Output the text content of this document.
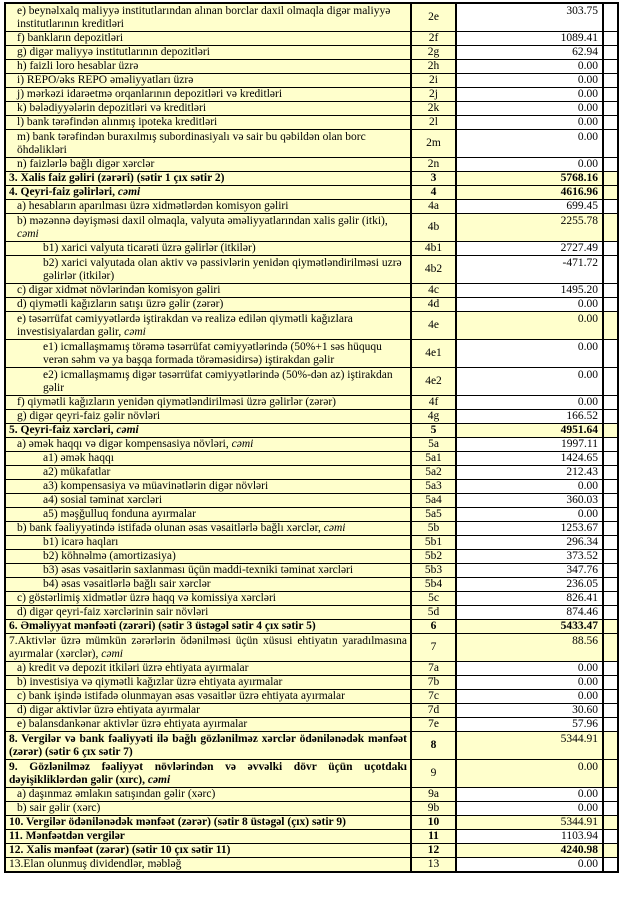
e) beynəlxalq maliyyə institutlarından alınan borclar daxil olmaqla digər maliyyə institutlarının kreditləri	2e	303.75	
f) bankların depozitləri	2f	1089.41	
g) digər maliyyə institutlarının depozitləri	2g	62.94	
h) faizli loro hesablar üzrə	2h	0.00	
i) REPO/əks REPO əməliyyatları üzrə	2i	0.00	
j) mərkəzi idarəetmə orqanlarının depozitləri və kreditləri	2j	0.00	
k) bələdiyyələrin depozitləri və kreditləri	2k	0.00	
l) bank tərəfindən alınmış ipoteka kreditləri	2l	0.00	
m) bank tərəfindən buraxılmış subordinasiyalı və sair bu qəbildən olan borc öhdəlikləri	2m	0.00	
n) faizlərlə bağlı digər xərclər	2n	0.00	
3. Xalis faiz gəliri (zərəri) (sətir 1 çıx sətir 2)	3	5768.16	
4. Qeyri-faiz gəlirləri, cəmi	4	4616.96	
a) hesabların aparılması üzrə xidmətlərdən komisyon gəliri	4a	699.45	
b) məzənnə dəyişməsi daxil olmaqla, valyuta əməliyyatlarından xalis gəlir (itki), cəmi	4b	2255.78	
b1) xarici valyuta ticarəti üzrə gəlirlər (itkilər)	4b1	2727.49	
b2) xarici valyutada olan aktiv və passivlərin yenidən qiymətləndirilməsi uzrə gəlirlər (itkilər)	4b2	-471.72	
c) digər xidmət növlərindən komisyon gəliri	4c	1495.20	
d) qiymətli kağızların satışı üzrə gəlir (zərər)	4d	0.00	
e) təsərrüfat cəmiyyətlərdə iştirakdan və realizə edilən qiymətli kağızlara investisiyalardan gəlir, cəmi	4e	0.00	
e1) icmallaşmamış törəmə təsərrüfat cəmiyyətlərində (50%+1 səs hüququ verən səhm və ya başqa formada törəməsidirsə) iştirakdan gəlir	4e1	0.00	
e2) icmallaşmamış digər təsərrüfat cəmiyyətlərində (50%-dən az) iştirakdan gəlir	4e2	0.00	
f) qiymətli kağızların yenidən qiymətləndirilməsi üzrə gəlirlər (zərər)	4f	0.00	
g) digər qeyri-faiz gəlir növləri	4g	166.52	
5. Qeyri-faiz xərcləri, cəmi	5	4951.64	
a) əmək haqqı və digər kompensasiya növləri, cəmi	5a	1997.11	
a1) əmək haqqı	5a1	1424.65	
a2) mükafatlar	5a2	212.43	
a3) kompensasiya və müavinətlərin digər növləri	5a3	0.00	
a4) sosial təminat xərcləri	5a4	360.03	
a5) məşğulluq fonduna ayırmalar	5a5	0.00	
b) bank fəaliyyətində istifadə olunan əsas vəsaitlərlə bağlı xərclər, cəmi	5b	1253.67	
b1) icarə haqları	5b1	296.34	
b2) köhnəlmə (amortizasiya)	5b2	373.52	
b3) əsas vəsaitlərin saxlanması üçün maddi-texniki təminat xərcləri	5b3	347.76	
b4) əsas vəsaitlərlə bağlı sair xərclər	5b4	236.05	
c) göstərlimiş xidmətlər üzrə haqq və komissiya xərcləri	5c	826.41	
d) digər qeyri-faiz xərclərinin sair növləri	5d	874.46	
6. Əməliyyat mənfəəti (zərəri) (sətir 3 üstəgəl sətir 4 çıx sətir 5)	6	5433.47	
7.Aktivlər üzrə mümkün zərərlərin ödənilməsi üçün xüsusi ehtiyatın yaradılmasına ayırmalar (xərclər), cəmi	7	88.56	
a) kredit və depozit itkiləri üzrə ehtiyata ayırmalar	7a	0.00	
b) investisiya və qiymətli kağızlar üzrə ehtiyata ayırmalar	7b	0.00	
c) bank işində istifadə olunmayan əsas vəsaitlər üzrə ehtiyata ayırmalar	7c	0.00	
d) digər aktivlər üzrə ehtiyata ayırmalar	7d	30.60	
e) balansdankənar aktivlər üzrə ehtiyata ayırmalar	7e	57.96	
8. Vergilər və bank fəaliyyəti ilə bağlı gözlənilməz xərclər ödənilənədək mənfəət (zərər) (sətir 6 çıx sətir 7)	8	5344.91	
9. Gözlənilməz fəaliyyət növlərindən və əvvəlki dövr üçün uçotdakı dəyişikliklərdən gəlir (xırc), cəmi	9	0.00	
a) daşınmaz əmlakın satışından gəlir (xərc)	9a	0.00	
b) sair gəlir (xərc)	9b	0.00	
10. Vergilər ödənilənədək mənfəət (zərər) (sətir 8 üstəgəl (çıx) sətir 9)	10	5344.91	
11. Mənfəətdən vergilər	11	1103.94	
12. Xalis mənfəət (zərər) (sətir 10 çıx sətir 11)	12	4240.98	
13.Elan olunmuş dividendlər, məbləğ	13	0.00	
